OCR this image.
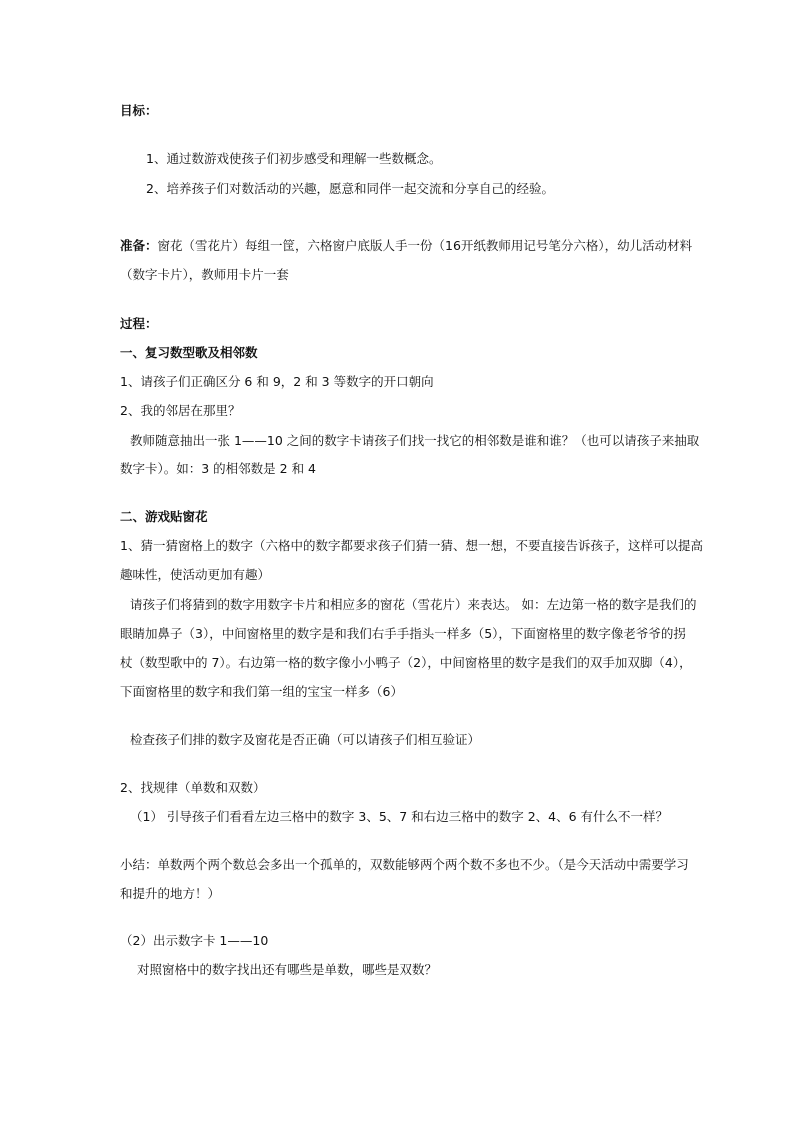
目标：
1、通过数游戏使孩子们初步感受和理解一些数概念。
2、培养孩子们对数活动的兴趣，愿意和同伴一起交流和分享自己的经验。
准备：窗花（雪花片）每组一筐，六格窗户底版人手一份（16开纸教师用记号笔分六格），幼儿活动材料
（数字卡片），教师用卡片一套
过程：
一、复习数型歌及相邻数
1、请孩子们正确区分 6 和 9，2 和 3 等数字的开口朝向
2、我的邻居在那里？
教师随意抽出一张 1——10 之间的数字卡请孩子们找一找它的相邻数是谁和谁？（也可以请孩子来抽取
数字卡）。如：3 的相邻数是 2 和 4
二、游戏贴窗花
1、猜一猜窗格上的数字（六格中的数字都要求孩子们猜一猜、想一想，不要直接告诉孩子，这样可以提高
趣味性，使活动更加有趣）
请孩子们将猜到的数字用数字卡片和相应多的窗花（雪花片）来表达。 如：左边第一格的数字是我们的
眼睛加鼻子（3），中间窗格里的数字是和我们右手手指头一样多（5），下面窗格里的数字像老爷爷的拐
杖（数型歌中的 7）。右边第一格的数字像小小鸭子（2），中间窗格里的数字是我们的双手加双脚（4），
下面窗格里的数字和我们第一组的宝宝一样多（6）
检查孩子们排的数字及窗花是否正确（可以请孩子们相互验证）
2、找规律（单数和双数）
（1） 引导孩子们看看左边三格中的数字 3、5、7 和右边三格中的数字 2、4、6 有什么不一样？
小结：单数两个两个数总会多出一个孤单的，双数能够两个两个数不多也不少。（是今天活动中需要学习
和提升的地方！）
（2）出示数字卡 1——10
对照窗格中的数字找出还有哪些是单数，哪些是双数？
